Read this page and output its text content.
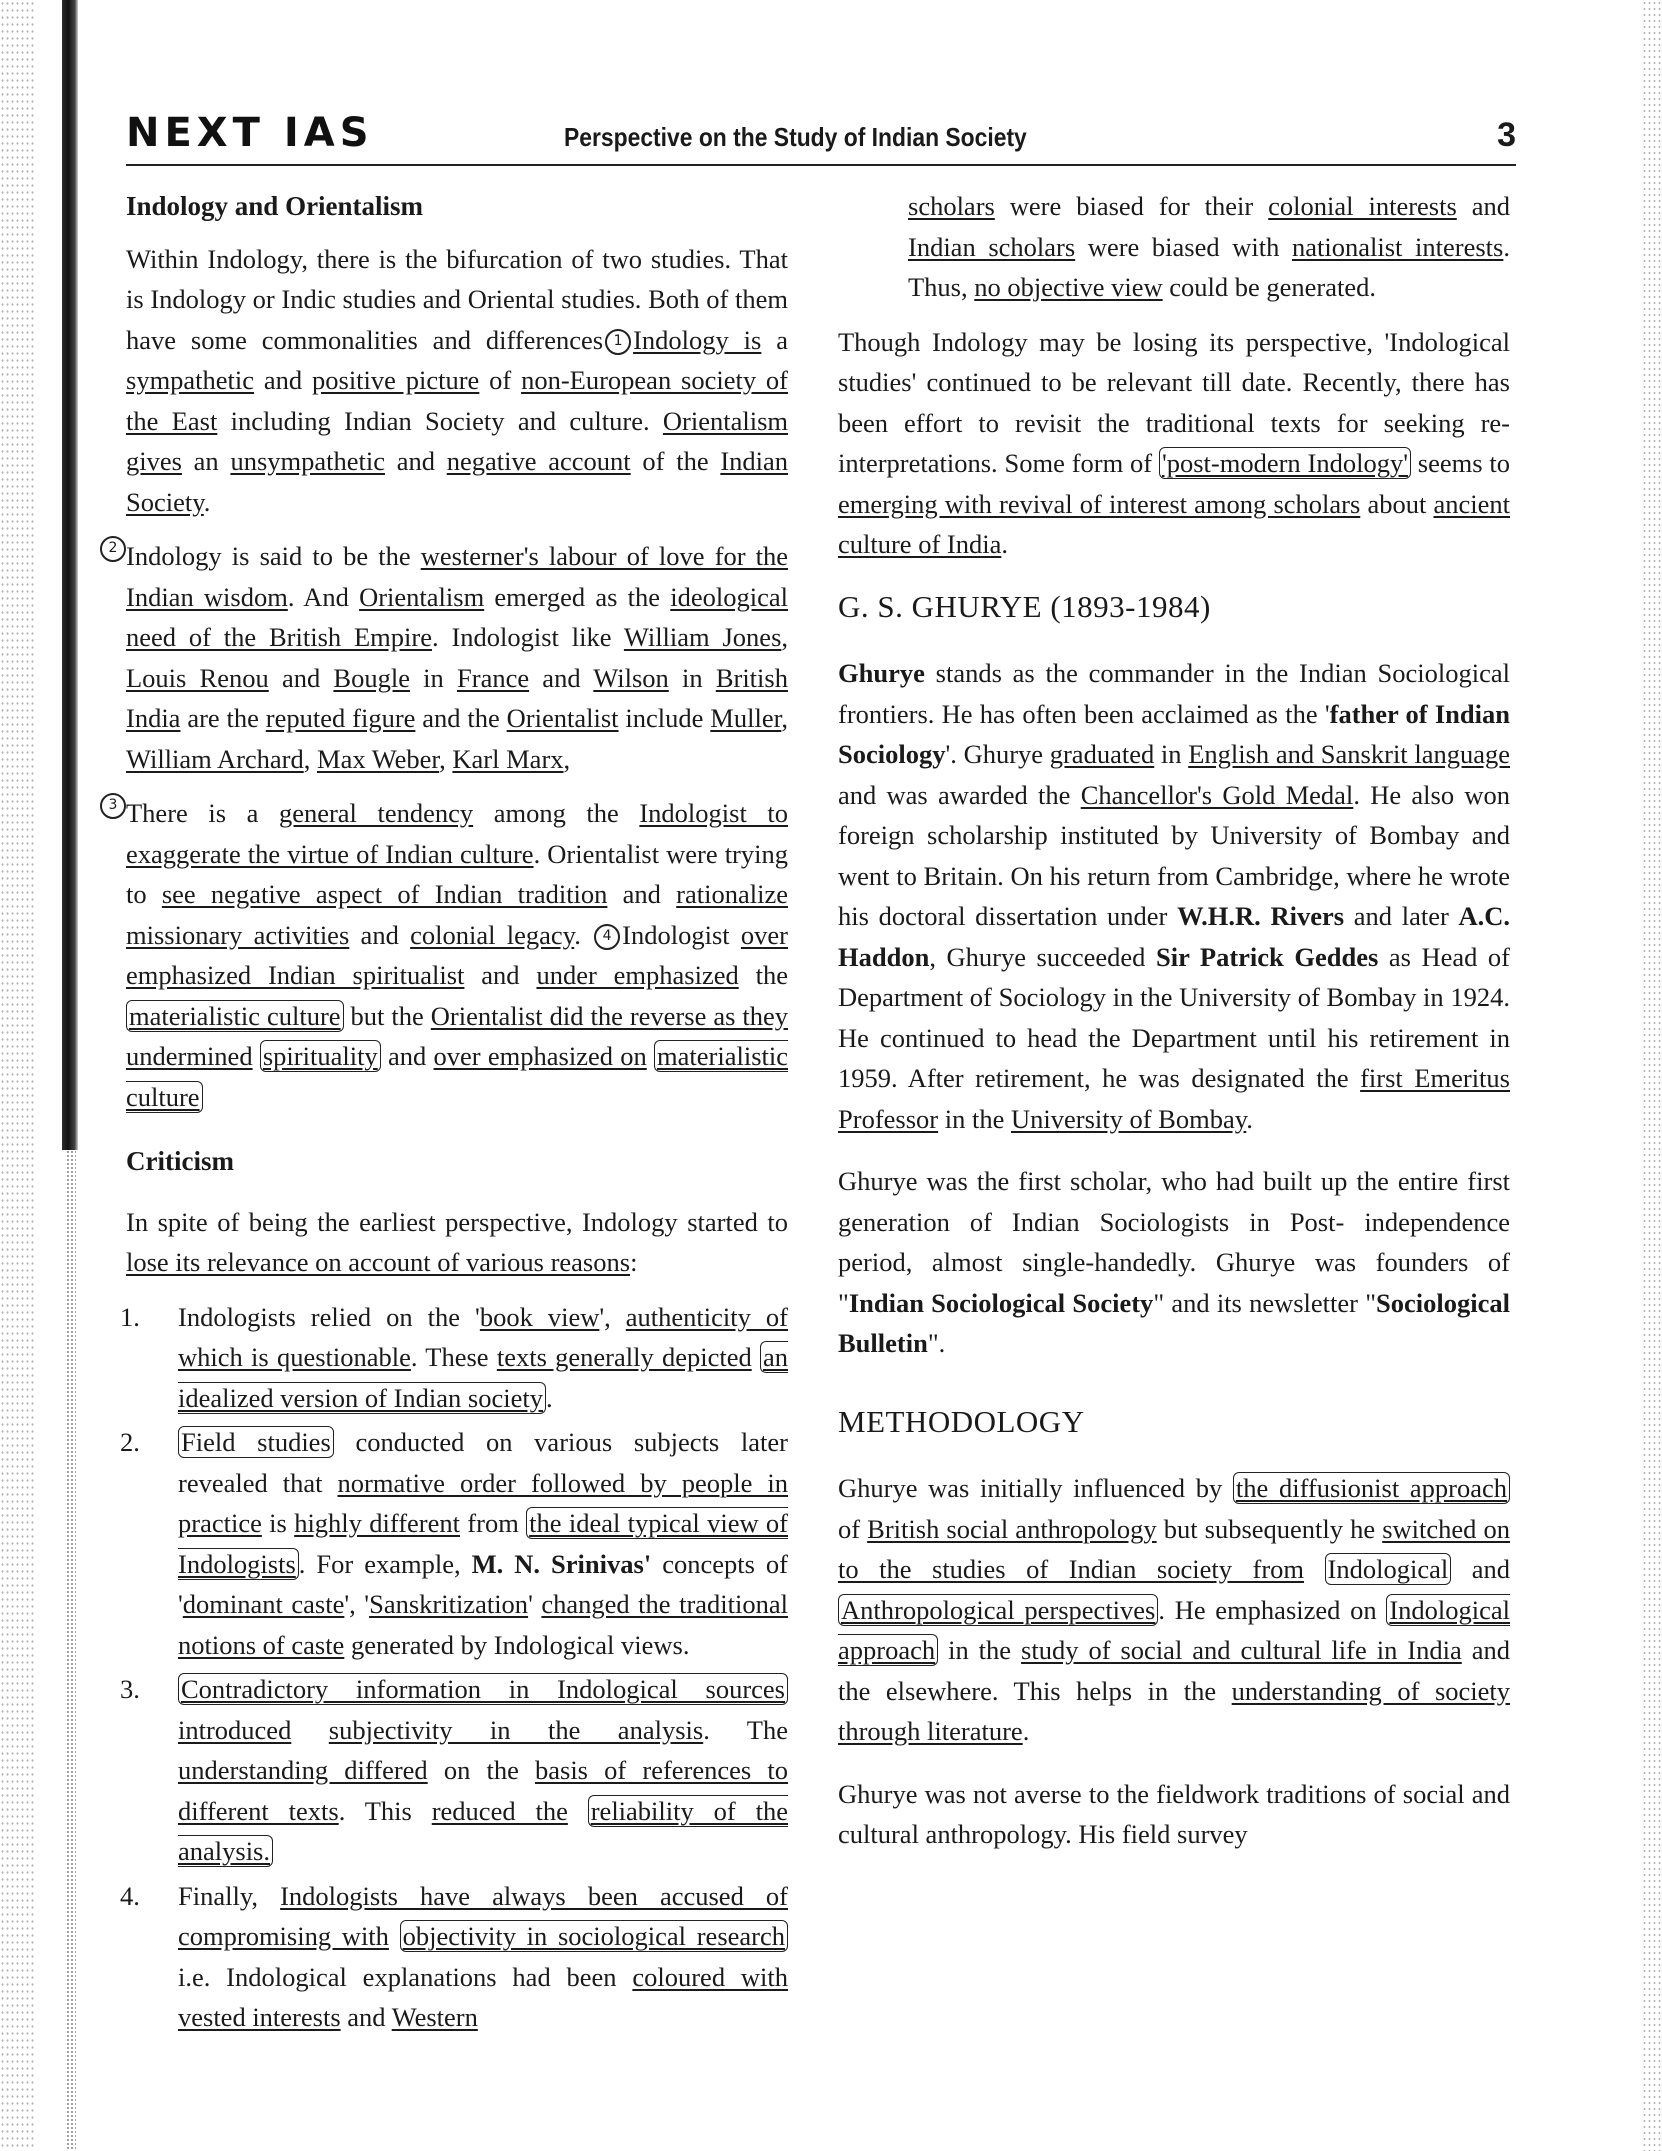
NEXT IAS	Perspective on the Study of Indian Society	3
Indology and Orientalism

Within Indology, there is the bifurcation of two studies. That is Indology or Indic studies and Oriental studies. Both of them have some commonalities and differences 1 Indology is a sympathetic and positive picture of non-European society of the East including Indian Society and culture. Orientalism gives an unsympathetic and negative account of the Indian Society.

2 Indology is said to be the westerner's labour of love for the Indian wisdom. And Orientalism emerged as the ideological need of the British Empire. Indologist like William Jones, Louis Renou and Bougle in France and Wilson in British India are the reputed figure and the Orientalist include Muller, William Archard, Max Weber, Karl Marx,

3 There is a general tendency among the Indologist to exaggerate the virtue of Indian culture. Orientalist were trying to see negative aspect of Indian tradition and rationalize missionary activities and colonial legacy. 4 Indologist over emphasized Indian spiritualist and under emphasized the materialistic culture but the Orientalist did the reverse as they undermined spirituality and over emphasized on materialistic culture

Criticism

In spite of being the earliest perspective, Indology started to lose its relevance on account of various reasons:

1. Indologists relied on the 'book view', authenticity of which is questionable. These texts generally depicted an idealized version of Indian society .
2. Field studies conducted on various subjects later revealed that normative order followed by people in practice is highly different from the ideal typical view of Indologists . For example, M. N. Srinivas' concepts of 'dominant caste', 'Sanskritization' changed the traditional notions of caste generated by Indological views.
3. Contradictory information in Indological sources introduced subjectivity in the analysis. The understanding differed on the basis of references to different texts. This reduced the reliability of the analysis.
4. Finally, Indologists have always been accused of compromising with objectivity in sociological research i.e. Indological explanations had been coloured with vested interests and Western

scholars were biased for their colonial interests and Indian scholars were biased with nationalist interests. Thus, no objective view could be generated.

Though Indology may be losing its perspective, 'Indological studies' continued to be relevant till date. Recently, there has been effort to revisit the traditional texts for seeking re-interpretations. Some form of 'post-modern Indology' seems to emerging with revival of interest among scholars about ancient culture of India.

G. S. GHURYE (1893-1984)

Ghurye stands as the commander in the Indian Sociological frontiers. He has often been acclaimed as the 'father of Indian Sociology'. Ghurye graduated in English and Sanskrit language and was awarded the Chancellor's Gold Medal. He also won foreign scholarship instituted by University of Bombay and went to Britain. On his return from Cambridge, where he wrote his doctoral dissertation under W.H.R. Rivers and later A.C. Haddon, Ghurye succeeded Sir Patrick Geddes as Head of Department of Sociology in the University of Bombay in 1924. He continued to head the Department until his retirement in 1959. After retirement, he was designated the first Emeritus Professor in the University of Bombay.

Ghurye was the first scholar, who had built up the entire first generation of Indian Sociologists in Post- independence period, almost single-handedly. Ghurye was founders of "Indian Sociological Society" and its newsletter "Sociological Bulletin".

METHODOLOGY

Ghurye was initially influenced by the diffusionist approach of British social anthropology but subsequently he switched on to the studies of Indian society from Indological and Anthropological perspectives . He emphasized on Indological approach in the study of social and cultural life in India and the elsewhere. This helps in the understanding of society through literature.

Ghurye was not averse to the fieldwork traditions of social and cultural anthropology. His field survey
